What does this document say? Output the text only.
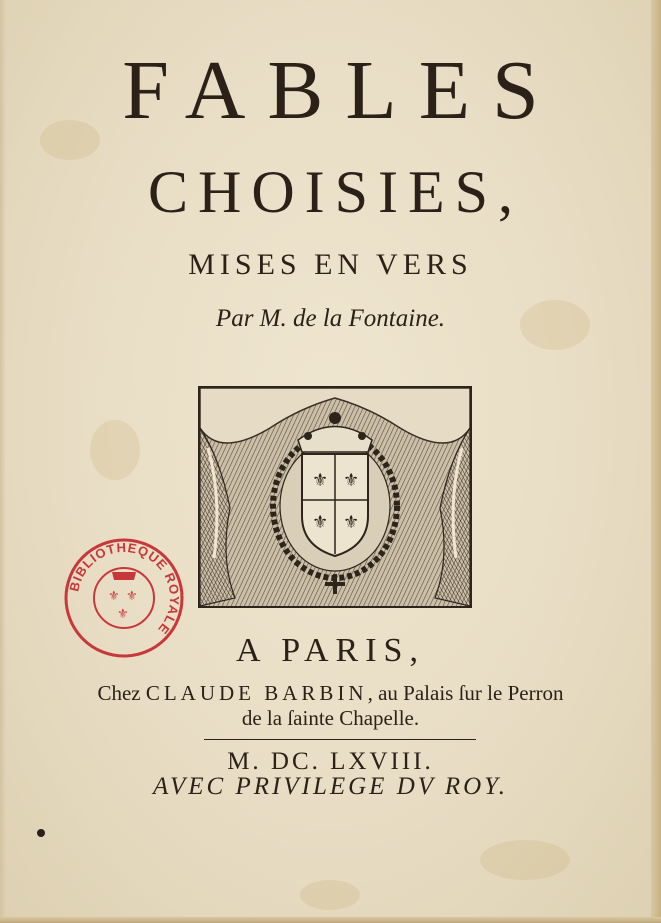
FABLES
CHOISIES,
MISES EN VERS
Par M. de la Fontaine.
⚜ ⚜
⚜ ⚜
A PARIS,
Chez CLAUDE BARBIN, au Palais ſur le Perron
de la ſainte Chapelle.
M. DC. LXVIII.
AVEC PRIVILEGE DV ROY.
BIBLIOTHEQUE ROYALE
⚜ ⚜
⚜
